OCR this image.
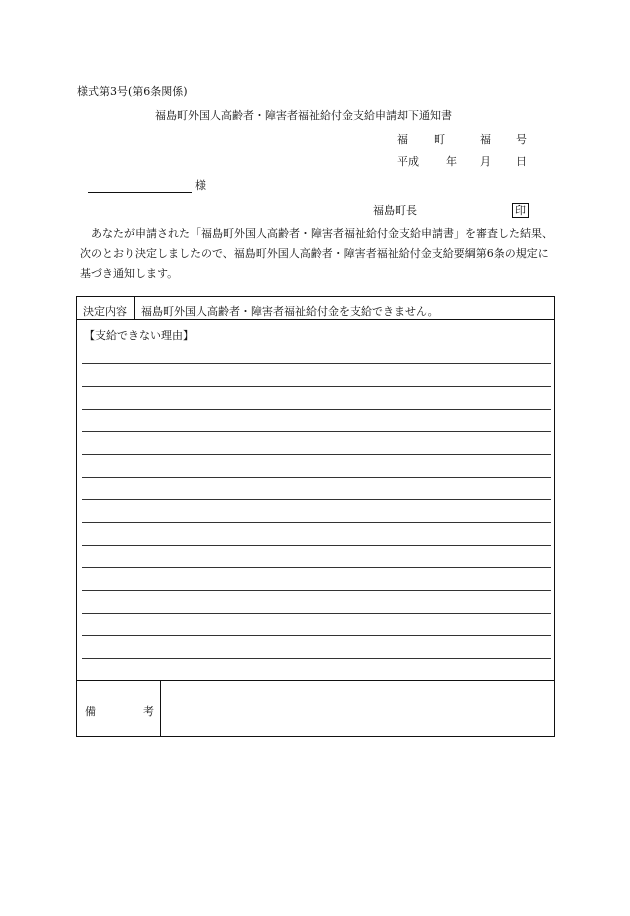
様式第3号(第6条関係)
福島町外国人高齢者・障害者福祉給付金支給申請却下通知書
福 町	福 号
平成 年 月 日
様
福島町長	印
　あなたが申請された「福島町外国人高齢者・障害者福祉給付金支給申請書」を審査した結果、次のとおり決定しましたので、福島町外国人高齢者・障害者福祉給付金支給要綱第6条の規定に基づき通知します。
決定内容 福島町外国人高齢者・障害者福祉給付金を支給できません。
【支給できない理由】
備	考
